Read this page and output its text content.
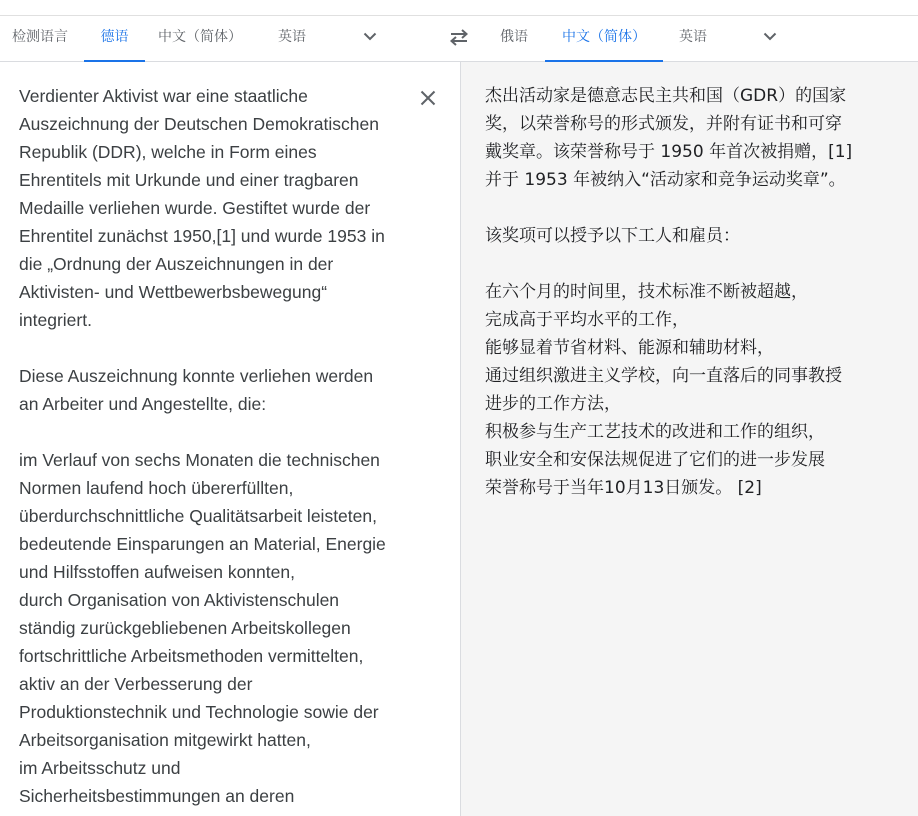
检测语言	德语	中文（简体）	英语	俄语	中文（简体）	英语
Verdienter Aktivist war eine staatliche
Auszeichnung der Deutschen Demokratischen
Republik (DDR), welche in Form eines
Ehrentitels mit Urkunde und einer tragbaren
Medaille verliehen wurde. Gestiftet wurde der
Ehrentitel zunächst 1950,[1] und wurde 1953 in
die „Ordnung der Auszeichnungen in der
Aktivisten- und Wettbewerbsbewegung“
integriert.

Diese Auszeichnung konnte verliehen werden
an Arbeiter und Angestellte, die:

im Verlauf von sechs Monaten die technischen
Normen laufend hoch übererfüllten,
überdurchschnittliche Qualitätsarbeit leisteten,
bedeutende Einsparungen an Material, Energie
und Hilfsstoffen aufweisen konnten,
durch Organisation von Aktivistenschulen
ständig zurückgebliebenen Arbeitskollegen
fortschrittliche Arbeitsmethoden vermittelten,
aktiv an der Verbesserung der
Produktionstechnik und Technologie sowie der
Arbeitsorganisation mitgewirkt hatten,
im Arbeitsschutz und
Sicherheitsbestimmungen an deren
杰出活动家是德意志民主共和国（GDR）的国家
奖，以荣誉称号的形式颁发，并附有证书和可穿
戴奖章。该荣誉称号于 1950 年首次被捐赠，[1]
并于 1953 年被纳入“活动家和竞争运动奖章”。

该奖项可以授予以下工人和雇员：

在六个月的时间里，技术标准不断被超越，
完成高于平均水平的工作，
能够显着节省材料、能源和辅助材料，
通过组织激进主义学校，向一直落后的同事教授
进步的工作方法，
积极参与生产工艺技术的改进和工作的组织，
职业安全和安保法规促进了它们的进一步发展
荣誉称号于当年10月13日颁发。 [2]
